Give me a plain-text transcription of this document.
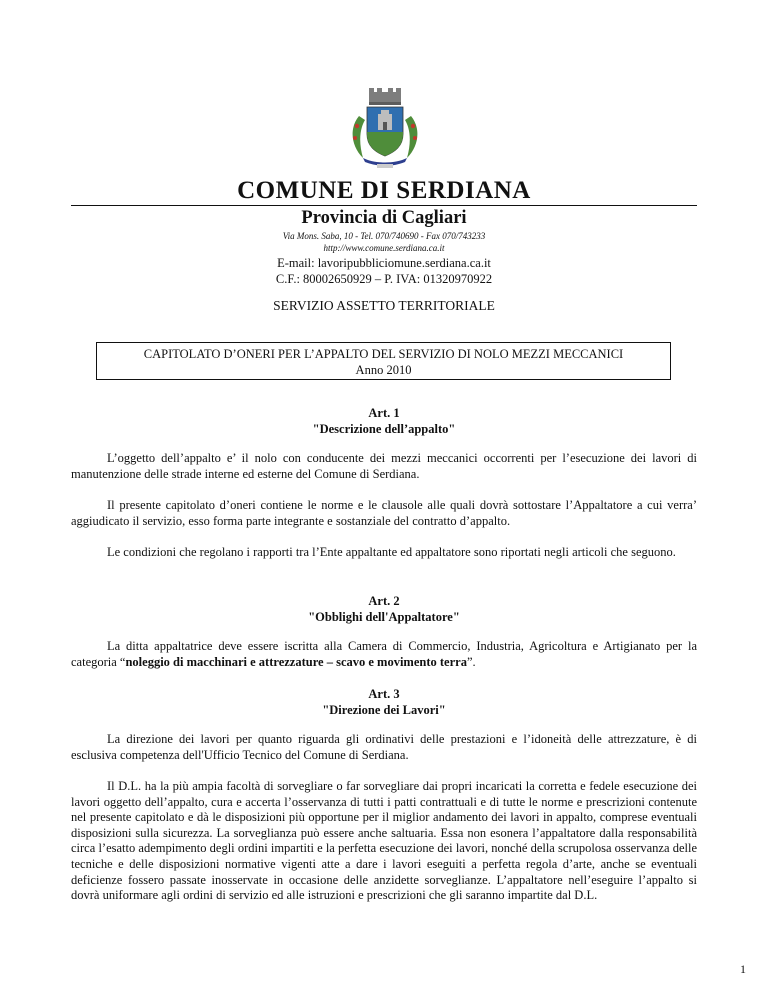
COMUNE DI SERDIANA
Provincia di Cagliari
Via Mons. Saba, 10 - Tel. 070/740690 - Fax 070/743233
http://www.comune.serdiana.ca.it
E-mail: lavoripubbliciomune.serdiana.ca.it
C.F.: 80002650929 – P. IVA: 01320970922
SERVIZIO ASSETTO TERRITORIALE
CAPITOLATO D’ONERI PER L’APPALTO DEL SERVIZIO DI NOLO MEZZI MECCANICI
Anno 2010
Art. 1
"Descrizione dell’appalto"
L’oggetto dell’appalto e’ il nolo con conducente dei mezzi meccanici occorrenti per l’esecuzione dei lavori di manutenzione delle strade interne ed esterne del Comune di Serdiana.
Il presente capitolato d’oneri contiene le norme e le clausole alle quali dovrà sottostare l’Appaltatore a cui verra’ aggiudicato il servizio, esso forma parte integrante e sostanziale del contratto d’appalto.
Le condizioni che regolano i rapporti tra l’Ente appaltante ed appaltatore sono riportati negli articoli che seguono.
Art. 2
"Obblighi dell'Appaltatore"
La ditta appaltatrice deve essere iscritta alla Camera di Commercio, Industria, Agricoltura e Artigianato per la categoria “noleggio di macchinari e attrezzature – scavo e movimento terra”.
Art. 3
"Direzione dei Lavori"
La direzione dei lavori per quanto riguarda gli ordinativi delle prestazioni e l’idoneità delle attrezzature, è di esclusiva competenza dell'Ufficio Tecnico del Comune di Serdiana.
Il D.L. ha la più ampia facoltà di sorvegliare o far sorvegliare dai propri incaricati la corretta e fedele esecuzione dei lavori oggetto dell’appalto, cura e accerta l’osservanza di tutti i patti contrattuali e di tutte le norme e prescrizioni contenute nel presente capitolato e dà le disposizioni più opportune per il miglior andamento dei lavori in appalto, comprese eventuali disposizioni sulla sicurezza. La sorveglianza può essere anche saltuaria. Essa non esonera l’appaltatore dalla responsabilità circa l’esatto adempimento degli ordini impartiti e la perfetta esecuzione dei lavori, nonché della scrupolosa osservanza delle tecniche e delle disposizioni normative vigenti atte a dare i lavori eseguiti a perfetta regola d’arte, anche se eventuali deficienze fossero passate inosservate in occasione delle anzidette sorveglianze. L’appaltatore nell’eseguire l’appalto si dovrà uniformare agli ordini di servizio ed alle istruzioni e prescrizioni che gli saranno impartite dal D.L.
1
